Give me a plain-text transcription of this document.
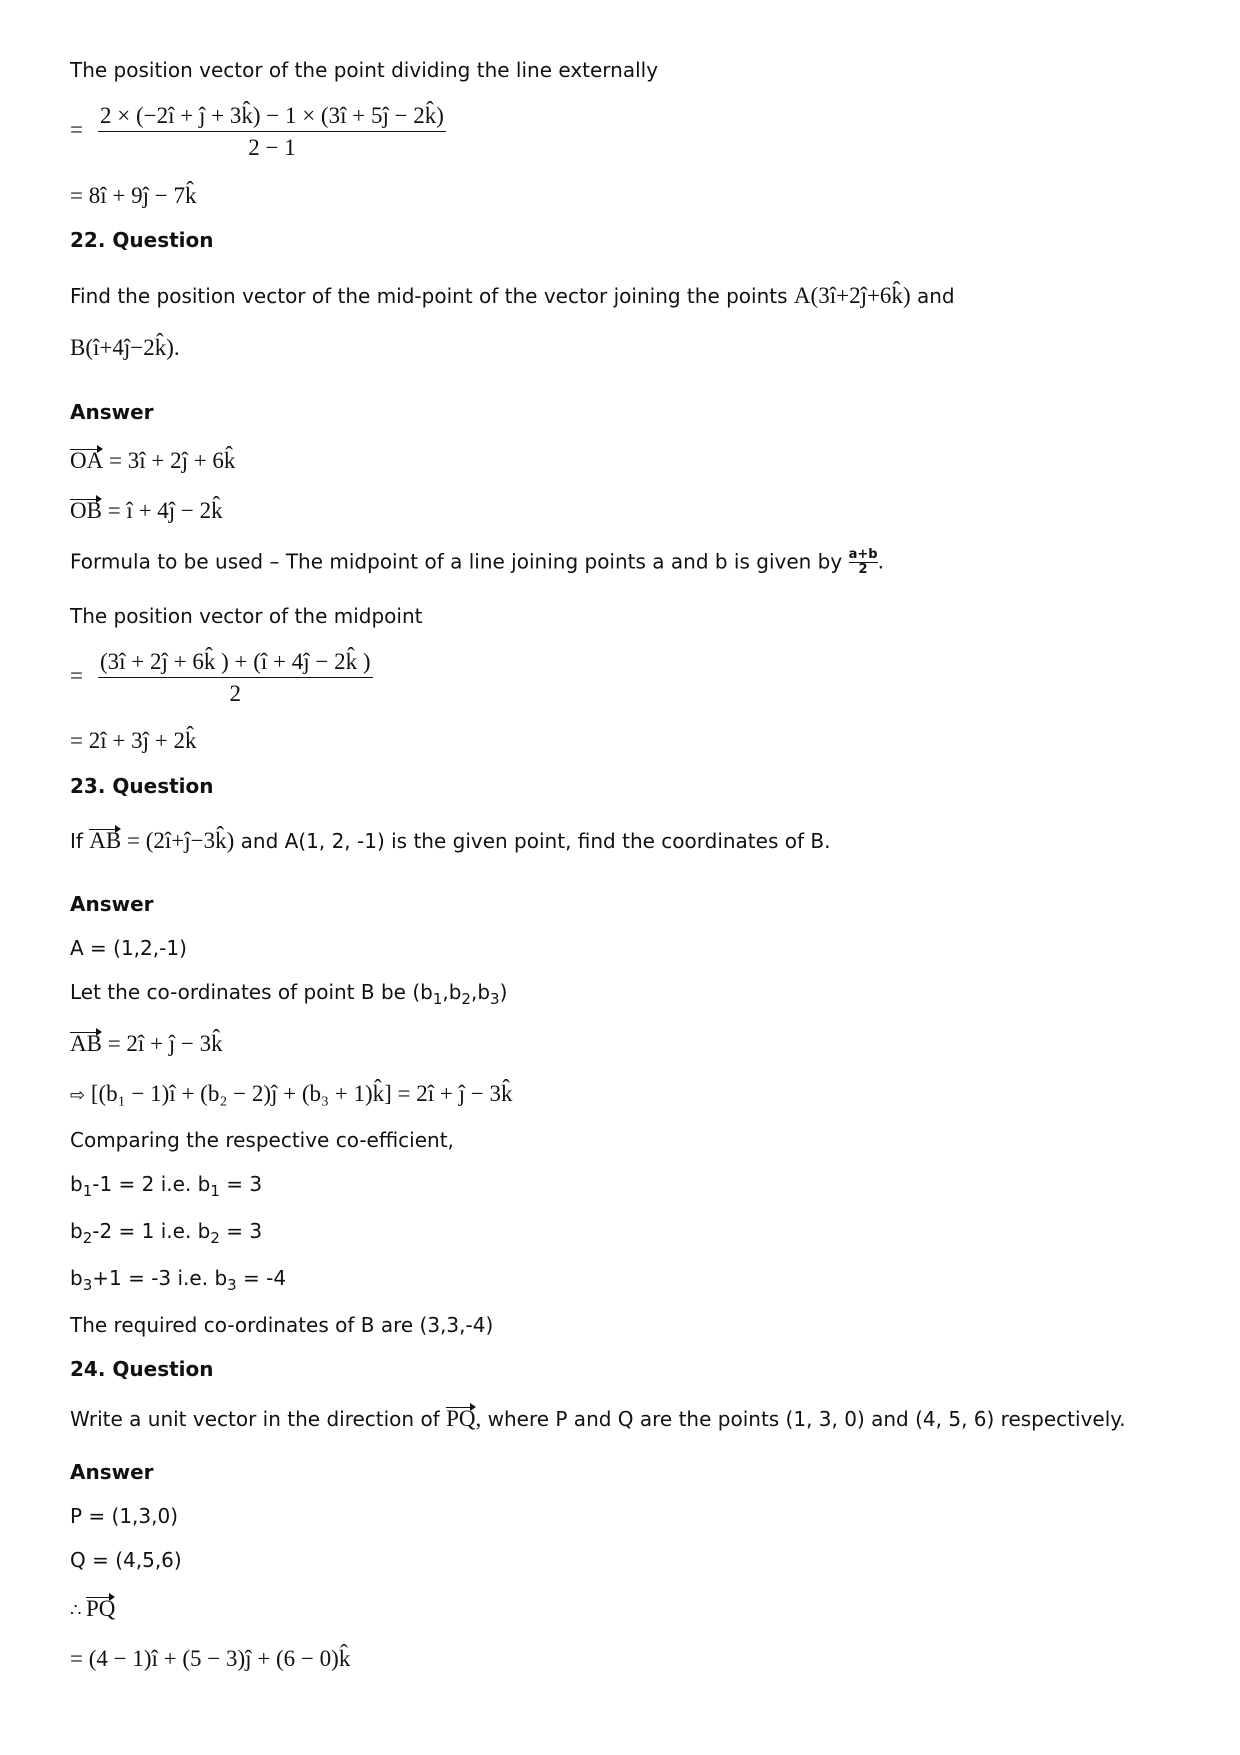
The position vector of the point dividing the line externally
= $\frac{2 \times (-2î + ĵ + 3k̂) - 1 \times (3î + 5ĵ - 2k̂)}{2 - 1}$
= 8î + 9ĵ − 7k̂
22. Question
Find the position vector of the mid-point of the vector joining the points A(3î+2ĵ+6k̂) and
B(î+4ĵ−2k̂).
Answer
OA = 3î + 2ĵ + 6k̂
OB = î + 4ĵ − 2k̂
Formula to be used – The midpoint of a line joining points a and b is given by $\frac{a+b}{2}$ .
The position vector of the midpoint
= $\frac{(3î + 2ĵ + 6k̂ ) + (î + 4ĵ - 2k̂ )}{2}$
= 2î + 3ĵ + 2k̂
23. Question
If AB = (2î+ĵ−3k̂) and A(1, 2, -1) is the given point, find the coordinates of B.
Answer
A = (1,2,-1)
Let the co-ordinates of point B be $(b_1,b_2,b_3)$
AB = 2î + ĵ − 3k̂
⇨ [(b₁ − 1)î + (b₂ − 2)ĵ + (b₃ + 1)k̂] = 2î + ĵ − 3k̂
Comparing the respective co-efficient,
$b_1-1 = 2$ i.e. $b_1 = 3$
$b_2-2 = 1$ i.e. $b_2 = 3$
$b_3+1 = -3$ i.e. $b_3 = -4$
The required co-ordinates of B are (3,3,-4)
24. Question
Write a unit vector in the direction of PQ, where P and Q are the points (1, 3, 0) and (4, 5, 6) respectively.
Answer
P = (1,3,0)
Q = (4,5,6)
∴ PQ
= (4 − 1)î + (5 − 3)ĵ + (6 − 0)k̂
